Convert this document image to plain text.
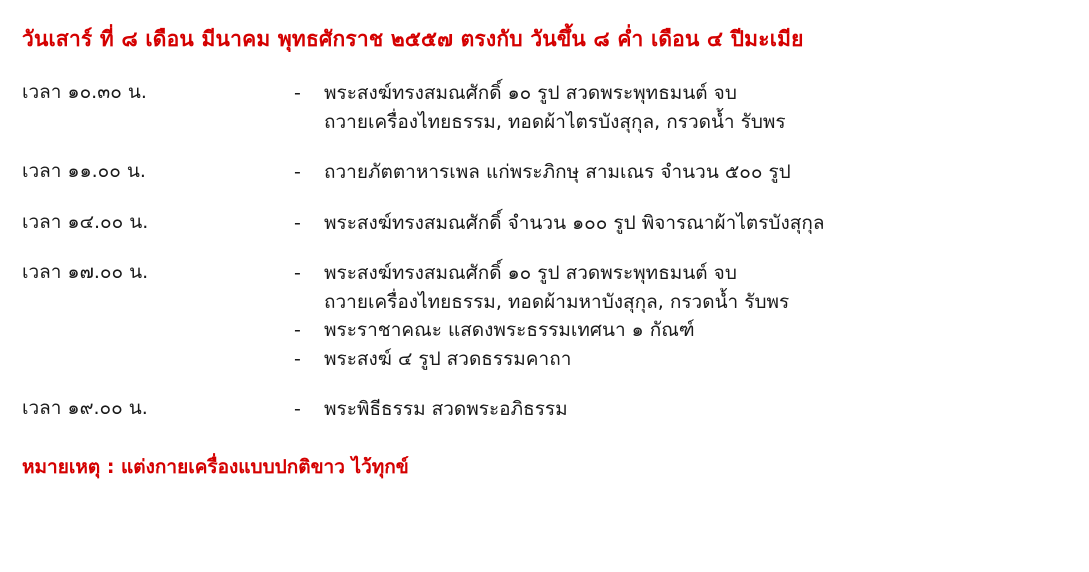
วันเสาร์ ที่ ๘ เดือน มีนาคม พุทธศักราช ๒๕๕๗ ตรงกับ วันขึ้น ๘ ค่ำ เดือน ๔ ปีมะเมีย
เวลา ๑๐.๓๐ น.	-	พระสงฆ์ทรงสมณศักดิ์ ๑๐ รูป สวดพระพุทธมนต์ จบ
ถวายเครื่องไทยธรรม, ทอดผ้าไตรบังสุกุล, กรวดน้ำ รับพร
เวลา ๑๑.๐๐ น.	-	ถวายภัตตาหารเพล แก่พระภิกษุ สามเณร จำนวน ๕๐๐ รูป
เวลา ๑๔.๐๐ น.	-	พระสงฆ์ทรงสมณศักดิ์ จำนวน ๑๐๐ รูป พิจารณาผ้าไตรบังสุกุล
เวลา ๑๗.๐๐ น.	-	พระสงฆ์ทรงสมณศักดิ์ ๑๐ รูป สวดพระพุทธมนต์ จบ
ถวายเครื่องไทยธรรม, ทอดผ้ามหาบังสุกุล, กรวดน้ำ รับพร
-	พระราชาคณะ แสดงพระธรรมเทศนา ๑ กัณฑ์
-	พระสงฆ์ ๔ รูป สวดธรรมคาถา
เวลา ๑๙.๐๐ น.	-	พระพิธีธรรม สวดพระอภิธรรม
หมายเหตุ : แต่งกายเครื่องแบบปกติขาว ไว้ทุกข์
